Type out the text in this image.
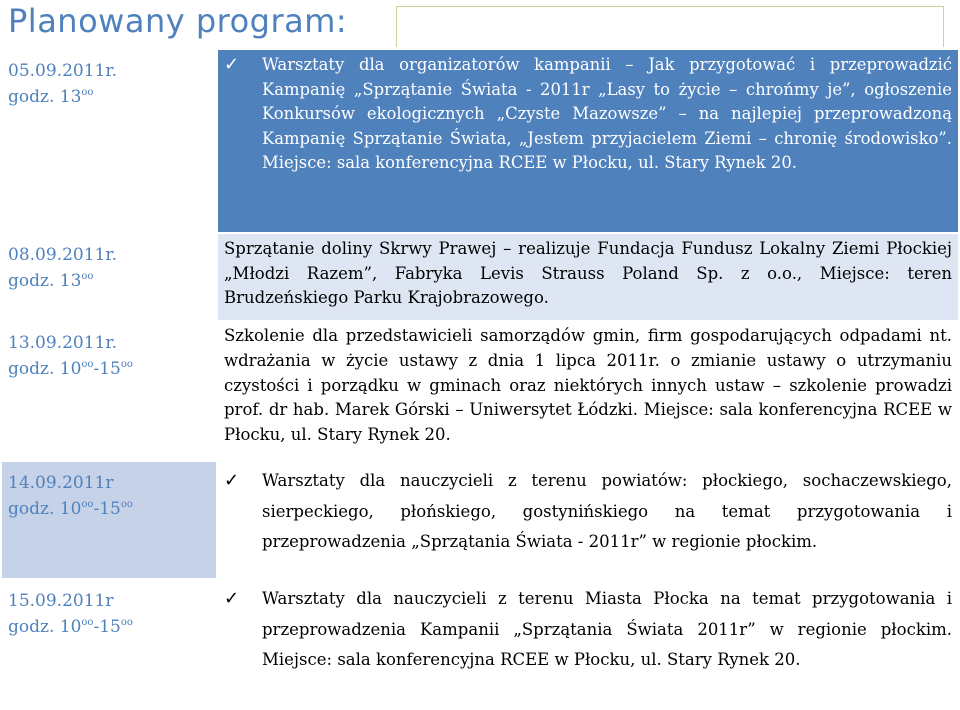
Planowany program:
05.09.2011r.
godz. $13^{oo}$	✓ Warsztaty dla organizatorów kampanii – Jak przygotować i przeprowadzić Kampanię „Sprzątanie Świata - 2011r „Lasy to życie – chrońmy je”, ogłoszenie Konkursów ekologicznych „Czyste Mazowsze” – na najlepiej przeprowadzoną Kampanię Sprzątanie Świata, „Jestem przyjacielem Ziemi – chronię środowisko”. Miejsce: sala konferencyjna RCEE w Płocku, ul. Stary Rynek 20.

08.09.2011r.
godz. $13^{oo}$	Sprzątanie doliny Skrwy Prawej – realizuje Fundacja Fundusz Lokalny Ziemi Płockiej „Młodzi Razem”, Fabryka Levis Strauss Poland Sp. z o.o., Miejsce: teren Brudzeńskiego Parku Krajobrazowego.

13.09.2011r.
godz. $10^{oo}-15^{oo}$	Szkolenie dla przedstawicieli samorządów gmin, firm gospodarujących odpadami nt. wdrażania w życie ustawy z dnia 1 lipca 2011r. o zmianie ustawy o utrzymaniu czystości i porządku w gminach oraz niektórych innych ustaw – szkolenie prowadzi prof. dr hab. Marek Górski – Uniwersytet Łódzki. Miejsce: sala konferencyjna RCEE w Płocku, ul. Stary Rynek 20.

14.09.2011r
godz. $10^{oo}-15^{oo}$	✓ Warsztaty dla nauczycieli z terenu powiatów: płockiego, sochaczewskiego, sierpeckiego, płońskiego, gostynińskiego na temat przygotowania i przeprowadzenia „Sprzątania Świata - 2011r” w regionie płockim.

15.09.2011r
godz. $10^{oo}-15^{oo}$	✓ Warsztaty dla nauczycieli z terenu Miasta Płocka na temat przygotowania i przeprowadzenia Kampanii „Sprzątania Świata 2011r” w regionie płockim. Miejsce: sala konferencyjna RCEE w Płocku, ul. Stary Rynek 20.
